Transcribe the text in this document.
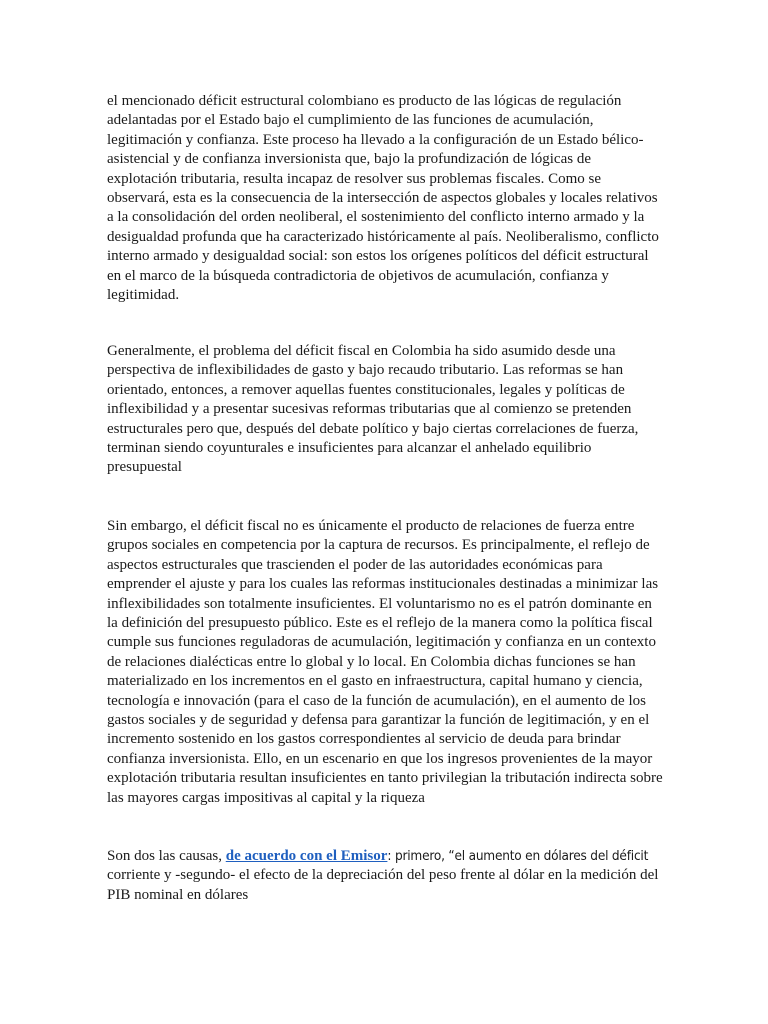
el mencionado déficit estructural colombiano es producto de las lógicas de regulación adelantadas por el Estado bajo el cumplimiento de las funciones de acumulación, legitimación y confianza. Este proceso ha llevado a la configuración de un Estado bélico-asistencial y de confianza inversionista que, bajo la profundización de lógicas de explotación tributaria, resulta incapaz de resolver sus problemas fiscales. Como se observará, esta es la consecuencia de la intersección de aspectos globales y locales relativos a la consolidación del orden neoliberal, el sostenimiento del conflicto interno armado y la desigualdad profunda que ha caracterizado históricamente al país. Neoliberalismo, conflicto interno armado y desigualdad social: son estos los orígenes políticos del déficit estructural en el marco de la búsqueda contradictoria de objetivos de acumulación, confianza y legitimidad.

Generalmente, el problema del déficit fiscal en Colombia ha sido asumido desde una perspectiva de inflexibilidades de gasto y bajo recaudo tributario. Las reformas se han orientado, entonces, a remover aquellas fuentes constitucionales, legales y políticas de inflexibilidad y a presentar sucesivas reformas tributarias que al comienzo se pretenden estructurales pero que, después del debate político y bajo ciertas correlaciones de fuerza, terminan siendo coyunturales e insuficientes para alcanzar el anhelado equilibrio presupuestal

Sin embargo, el déficit fiscal no es únicamente el producto de relaciones de fuerza entre grupos sociales en competencia por la captura de recursos. Es principalmente, el reflejo de aspectos estructurales que trascienden el poder de las autoridades económicas para emprender el ajuste y para los cuales las reformas institucionales destinadas a minimizar las inflexibilidades son totalmente insuficientes. El voluntarismo no es el patrón dominante en la definición del presupuesto público. Este es el reflejo de la manera como la política fiscal cumple sus funciones reguladoras de acumulación, legitimación y confianza en un contexto de relaciones dialécticas entre lo global y lo local. En Colombia dichas funciones se han materializado en los incrementos en el gasto en infraestructura, capital humano y ciencia, tecnología e innovación (para el caso de la función de acumulación), en el aumento de los gastos sociales y de seguridad y defensa para garantizar la función de legitimación, y en el incremento sostenido en los gastos correspondientes al servicio de deuda para brindar confianza inversionista. Ello, en un escenario en que los ingresos provenientes de la mayor explotación tributaria resultan insuficientes en tanto privilegian la tributación indirecta sobre las mayores cargas impositivas al capital y la riqueza

Son dos las causas, de acuerdo con el Emisor: primero, “el aumento en dólares del déficit corriente y -segundo- el efecto de la depreciación del peso frente al dólar en la medición del PIB nominal en dólares
